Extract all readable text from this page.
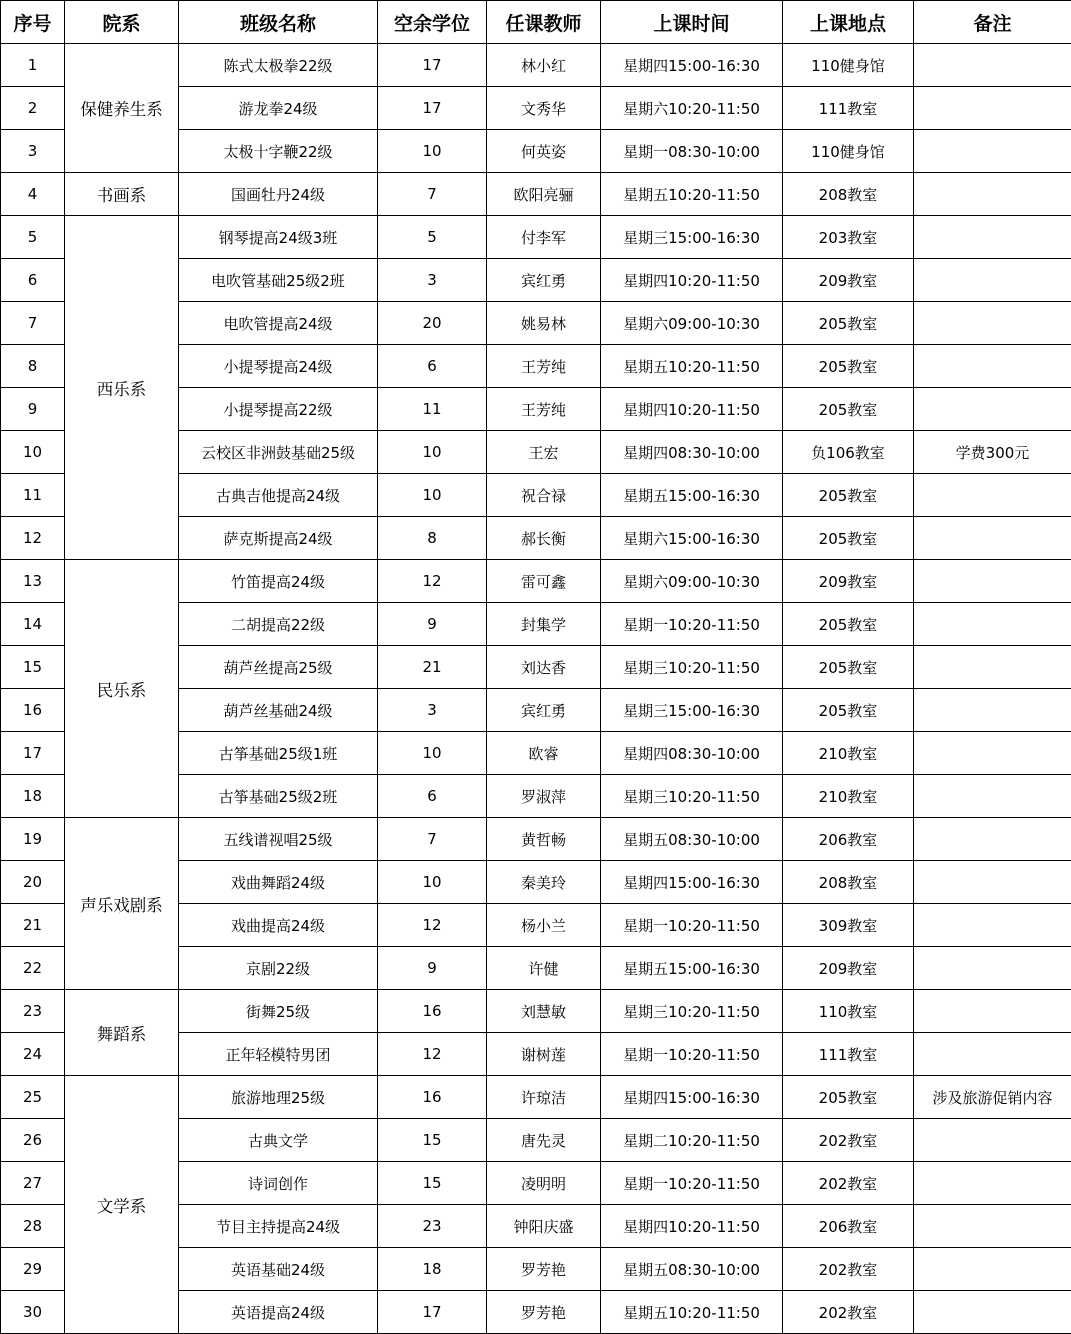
序号	院系	班级名称	空余学位	任课教师	上课时间	上课地点	备注
1	保健养生系	陈式太极拳22级	17	林小红	星期四15:00-16:30	110健身馆	
2		游龙拳24级	17	文秀华	星期六10:20-11:50	111教室	
3		太极十字鞭22级	10	何英姿	星期一08:30-10:00	110健身馆	
4	书画系	国画牡丹24级	7	欧阳亮骊	星期五10:20-11:50	208教室	
5	西乐系	钢琴提高24级3班	5	付李军	星期三15:00-16:30	203教室	
6		电吹管基础25级2班	3	宾红勇	星期四10:20-11:50	209教室	
7		电吹管提高24级	20	姚易林	星期六09:00-10:30	205教室	
8		小提琴提高24级	6	王芳纯	星期五10:20-11:50	205教室	
9		小提琴提高22级	11	王芳纯	星期四10:20-11:50	205教室	
10		云校区非洲鼓基础25级	10	王宏	星期四08:30-10:00	负106教室	学费300元
11		古典吉他提高24级	10	祝合禄	星期五15:00-16:30	205教室	
12		萨克斯提高24级	8	郝长衡	星期六15:00-16:30	205教室	
13	民乐系	竹笛提高24级	12	雷可鑫	星期六09:00-10:30	209教室	
14		二胡提高22级	9	封集学	星期一10:20-11:50	205教室	
15		葫芦丝提高25级	21	刘达香	星期三10:20-11:50	205教室	
16		葫芦丝基础24级	3	宾红勇	星期三15:00-16:30	205教室	
17		古筝基础25级1班	10	欧睿	星期四08:30-10:00	210教室	
18		古筝基础25级2班	6	罗淑萍	星期三10:20-11:50	210教室	
19	声乐戏剧系	五线谱视唱25级	7	黄哲畅	星期五08:30-10:00	206教室	
20		戏曲舞蹈24级	10	秦美玲	星期四15:00-16:30	208教室	
21		戏曲提高24级	12	杨小兰	星期一10:20-11:50	309教室	
22		京剧22级	9	许健	星期五15:00-16:30	209教室	
23	舞蹈系	街舞25级	16	刘慧敏	星期三10:20-11:50	110教室	
24		正年轻模特男团	12	谢树莲	星期一10:20-11:50	111教室	
25	文学系	旅游地理25级	16	许琼洁	星期四15:00-16:30	205教室	涉及旅游促销内容
26		古典文学	15	唐先灵	星期二10:20-11:50	202教室	
27		诗词创作	15	凌明明	星期一10:20-11:50	202教室	
28		节目主持提高24级	23	钟阳庆盛	星期四10:20-11:50	206教室	
29		英语基础24级	18	罗芳艳	星期五08:30-10:00	202教室	
30		英语提高24级	17	罗芳艳	星期五10:20-11:50	202教室	
